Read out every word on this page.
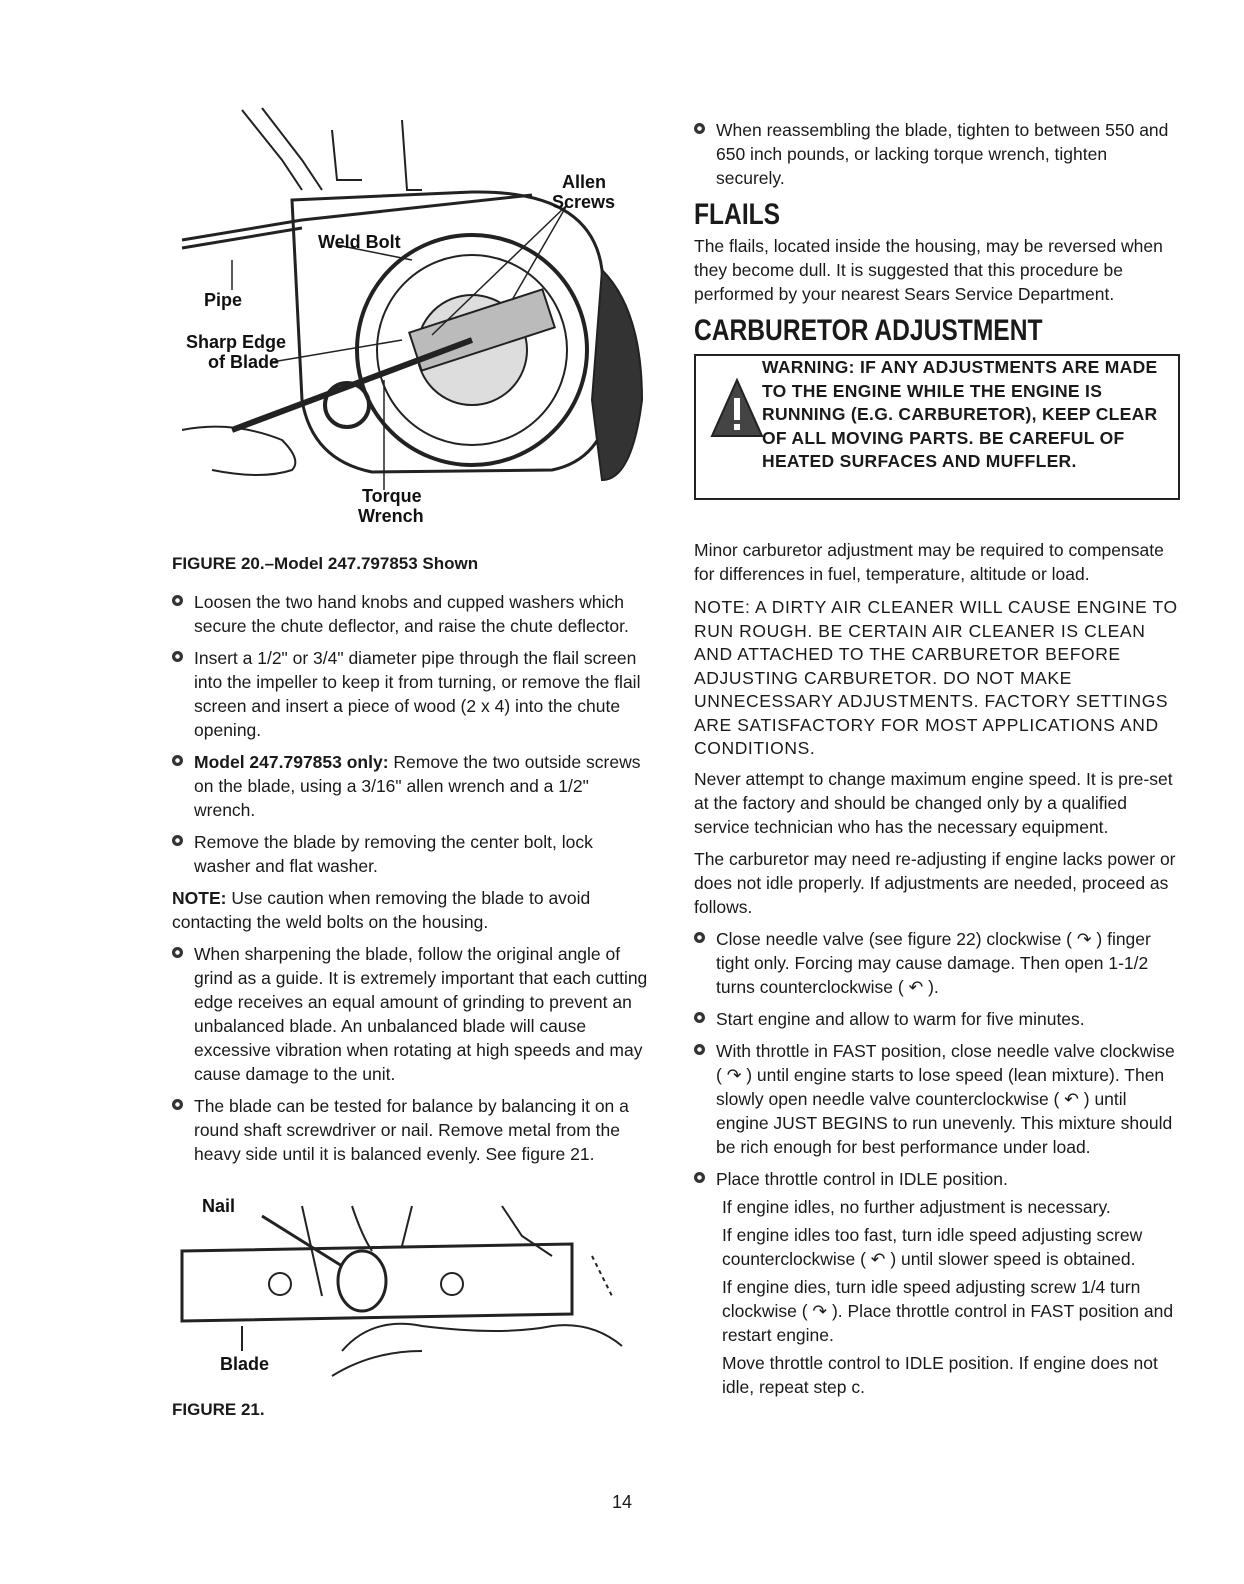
Allen
Screws
Weld Bolt
Pipe
Sharp Edge
of Blade
Torque
Wrench
FIGURE 20.–Model 247.797853 Shown
Loosen the two hand knobs and cupped washers which secure the chute deflector, and raise the chute deflector.
Insert a 1/2" or 3/4" diameter pipe through the flail screen into the impeller to keep it from turning, or remove the flail screen and insert a piece of wood (2 x 4) into the chute opening.
Model 247.797853 only: Remove the two outside screws on the blade, using a 3/16" allen wrench and a 1/2" wrench.
Remove the blade by removing the center bolt, lock washer and flat washer.

NOTE: Use caution when removing the blade to avoid contacting the weld bolts on the housing.

When sharpening the blade, follow the original angle of grind as a guide. It is extremely important that each cutting edge receives an equal amount of grinding to prevent an unbalanced blade. An unbalanced blade will cause excessive vibration when rotating at high speeds and may cause damage to the unit.
The blade can be tested for balance by balancing it on a round shaft screwdriver or nail. Remove metal from the heavy side until it is balanced evenly. See figure 21.
Nail
Blade
FIGURE 21.
When reassembling the blade, tighten to between 550 and 650 inch pounds, or lacking torque wrench, tighten securely.
FLAILS

The flails, located inside the housing, may be reversed when they become dull. It is suggested that this procedure be performed by your nearest Sears Service Department.

CARBURETOR ADJUSTMENT
WARNING: IF ANY ADJUSTMENTS ARE MADE TO THE ENGINE WHILE THE ENGINE IS RUNNING (E.G. CARBURETOR), KEEP CLEAR OF ALL MOVING PARTS. BE CAREFUL OF HEATED SURFACES AND MUFFLER.

Minor carburetor adjustment may be required to compensate for differences in fuel, temperature, altitude or load.

NOTE: A DIRTY AIR CLEANER WILL CAUSE ENGINE TO RUN ROUGH. BE CERTAIN AIR CLEANER IS CLEAN AND ATTACHED TO THE CARBURETOR BEFORE ADJUSTING CARBURETOR. DO NOT MAKE UNNECESSARY ADJUSTMENTS. FACTORY SETTINGS ARE SATISFACTORY FOR MOST APPLICATIONS AND CONDITIONS.

Never attempt to change maximum engine speed. It is pre-set at the factory and should be changed only by a qualified service technician who has the necessary equipment.

The carburetor may need re-adjusting if engine lacks power or does not idle properly. If adjustments are needed, proceed as follows.

Close needle valve (see figure 22) clockwise ( ↷ ) finger tight only. Forcing may cause damage. Then open 1-1/2 turns counterclockwise ( ↶ ).
Start engine and allow to warm for five minutes.
With throttle in FAST position, close needle valve clockwise ( ↷ ) until engine starts to lose speed (lean mixture). Then slowly open needle valve counterclockwise ( ↶ ) until engine JUST BEGINS to run unevenly. This mixture should be rich enough for best performance under load.
Place throttle control in IDLE position.

If engine idles, no further adjustment is necessary.

If engine idles too fast, turn idle speed adjusting screw counterclockwise ( ↶ ) until slower speed is obtained.

If engine dies, turn idle speed adjusting screw 1/4 turn clockwise ( ↷ ). Place throttle control in FAST position and restart engine.

Move throttle control to IDLE position. If engine does not idle, repeat step c.

14
